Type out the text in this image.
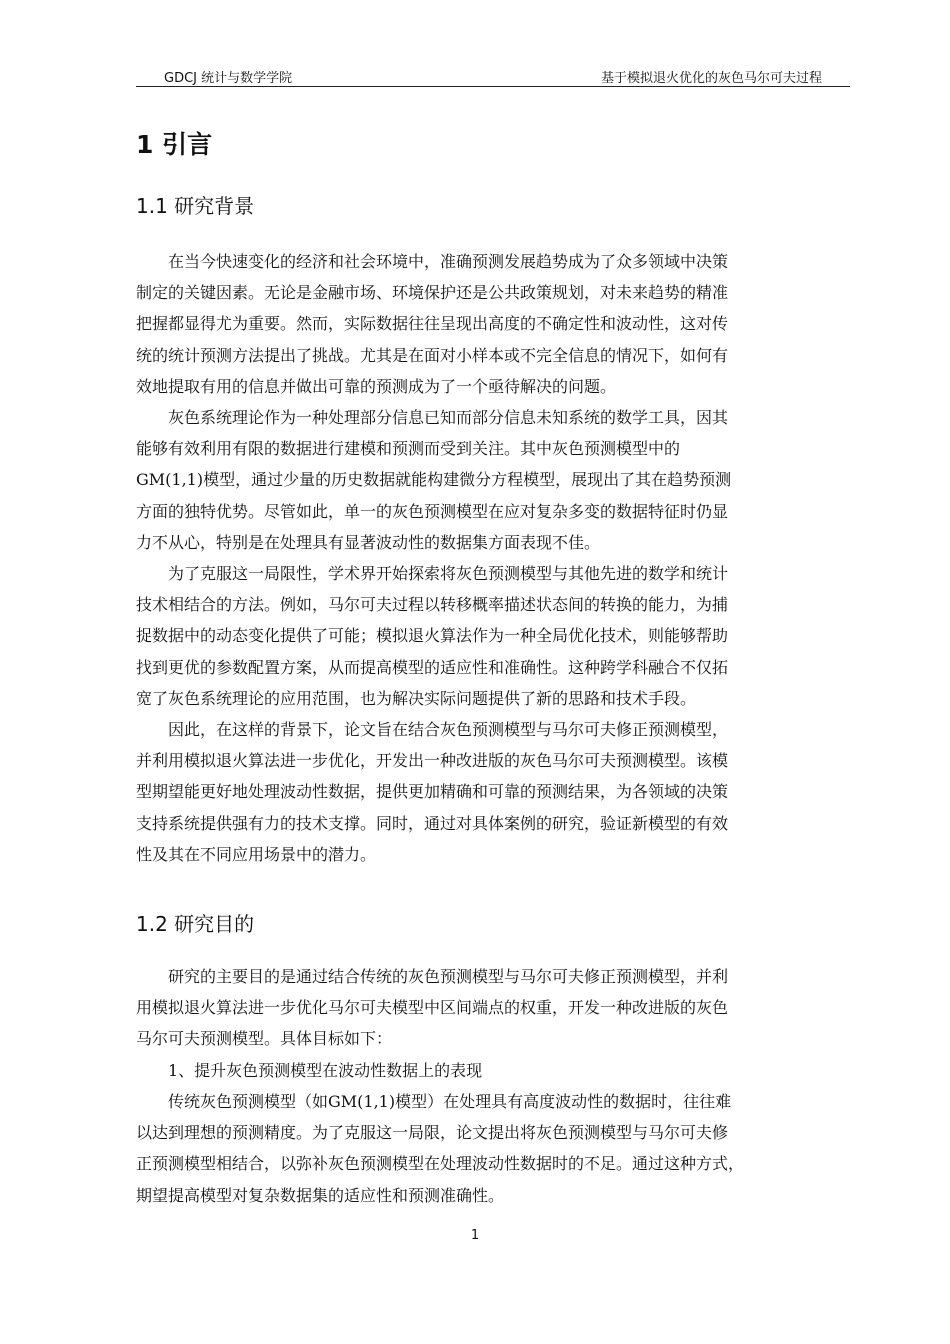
GDCJ 统计与数学学院	基于模拟退火优化的灰色马尔可夫过程
1 引言
1.1 研究背景
　　在当今快速变化的经济和社会环境中，准确预测发展趋势成为了众多领域中决策
制定的关键因素。无论是金融市场、环境保护还是公共政策规划，对未来趋势的精准
把握都显得尤为重要。然而，实际数据往往呈现出高度的不确定性和波动性，这对传
统的统计预测方法提出了挑战。尤其是在面对小样本或不完全信息的情况下，如何有
效地提取有用的信息并做出可靠的预测成为了一个亟待解决的问题。
　　灰色系统理论作为一种处理部分信息已知而部分信息未知系统的数学工具，因其
能够有效利用有限的数据进行建模和预测而受到关注。其中灰色预测模型中的
GM(1,1)模型，通过少量的历史数据就能构建微分方程模型，展现出了其在趋势预测
方面的独特优势。尽管如此，单一的灰色预测模型在应对复杂多变的数据特征时仍显
力不从心，特别是在处理具有显著波动性的数据集方面表现不佳。
　　为了克服这一局限性，学术界开始探索将灰色预测模型与其他先进的数学和统计
技术相结合的方法。例如，马尔可夫过程以转移概率描述状态间的转换的能力，为捕
捉数据中的动态变化提供了可能；模拟退火算法作为一种全局优化技术，则能够帮助
找到更优的参数配置方案，从而提高模型的适应性和准确性。这种跨学科融合不仅拓
宽了灰色系统理论的应用范围，也为解决实际问题提供了新的思路和技术手段。
　　因此，在这样的背景下，论文旨在结合灰色预测模型与马尔可夫修正预测模型，
并利用模拟退火算法进一步优化，开发出一种改进版的灰色马尔可夫预测模型。该模
型期望能更好地处理波动性数据，提供更加精确和可靠的预测结果，为各领域的决策
支持系统提供强有力的技术支撑。同时，通过对具体案例的研究，验证新模型的有效
性及其在不同应用场景中的潜力。
1.2 研究目的
　　研究的主要目的是通过结合传统的灰色预测模型与马尔可夫修正预测模型，并利
用模拟退火算法进一步优化马尔可夫模型中区间端点的权重，开发一种改进版的灰色
马尔可夫预测模型。具体目标如下：
　　1、提升灰色预测模型在波动性数据上的表现
　　传统灰色预测模型（如GM(1,1)模型）在处理具有高度波动性的数据时，往往难
以达到理想的预测精度。为了克服这一局限，论文提出将灰色预测模型与马尔可夫修
正预测模型相结合，以弥补灰色预测模型在处理波动性数据时的不足。通过这种方式，
期望提高模型对复杂数据集的适应性和预测准确性。
1
